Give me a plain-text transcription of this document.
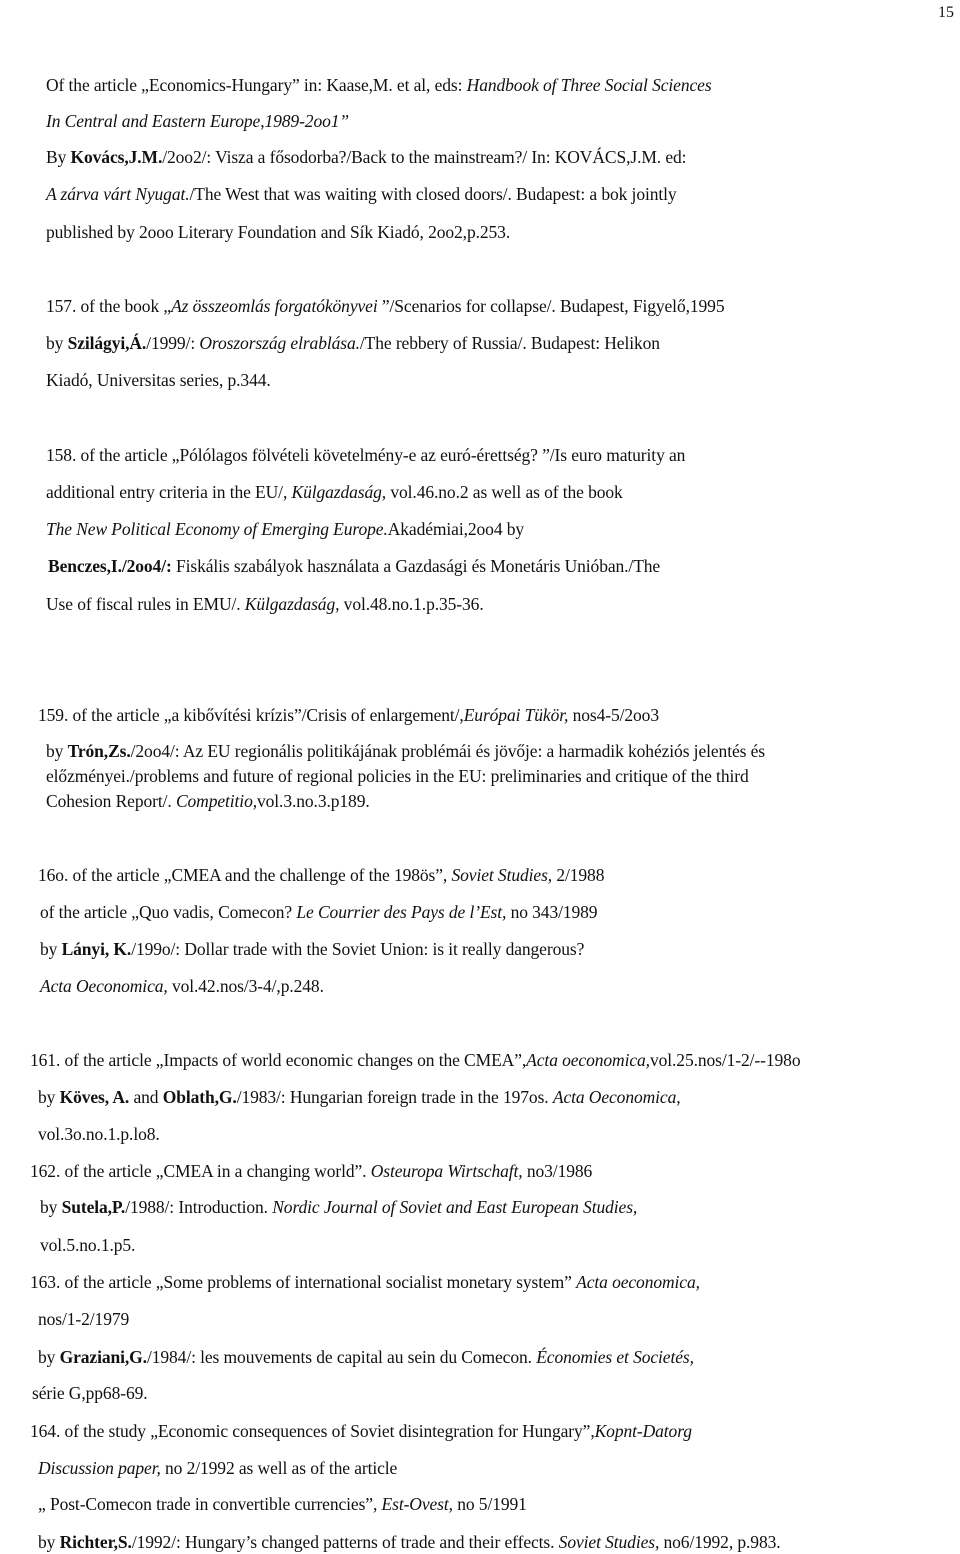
15
Of the article „Economics-Hungary” in: Kaase,M. et al, eds: Handbook of Three Social Sciences
In Central and Eastern Europe,1989-2oo1”
By Kovács,J.M./2oo2/: Visza a fősodorba?/Back to the mainstream?/ In: KOVÁCS,J.M. ed:
A zárva várt Nyugat./The West that was waiting with closed doors/. Budapest: a bok jointly
published by 2ooo Literary Foundation and Sík Kiadó, 2oo2,p.253.
157. of the book „Az összeomlás forgatókönyvei ”/Scenarios for collapse/. Budapest, Figyelő,1995
by Szilágyi,Á./1999/: Oroszország elrablása./The rebbery of Russia/. Budapest: Helikon
Kiadó, Universitas series, p.344.
158. of the article „Pólólagos fölvételi követelmény-e az euró-érettség? ”/Is euro maturity an
additional entry criteria in the EU/, Külgazdaság, vol.46.no.2 as well as of the book
The New Political Economy of Emerging Europe.Akadémiai,2oo4 by
Benczes,I./2oo4/: Fiskális szabályok használata a Gazdasági és Monetáris Unióban./The
Use of fiscal rules in EMU/. Külgazdaság, vol.48.no.1.p.35-36.
159. of the article „a kibővítési krízis”/Crisis of enlargement/,Európai Tükör, nos4-5/2oo3
by Trón,Zs./2oo4/: Az EU regionális politikájának problémái és jövője: a harmadik kohéziós jelentés és
előzményei./problems and future of regional policies in the EU: preliminaries and critique of the third
Cohesion Report/. Competitio,vol.3.no.3.p189.
16o. of the article „CMEA and the challenge of the 198ös”, Soviet Studies, 2/1988
of the article „Quo vadis, Comecon? Le Courrier des Pays de l’Est, no 343/1989
by Lányi, K./199o/: Dollar trade with the Soviet Union: is it really dangerous?
Acta Oeconomica, vol.42.nos/3-4/,p.248.
161. of the article „Impacts of world economic changes on the CMEA”,Acta oeconomica,vol.25.nos/1-2/--198o
by Köves, A. and Oblath,G./1983/: Hungarian foreign trade in the 197os. Acta Oeconomica,
vol.3o.no.1.p.lo8.
162. of the article „CMEA in a changing world”. Osteuropa Wirtschaft, no3/1986
by Sutela,P./1988/: Introduction. Nordic Journal of Soviet and East European Studies,
vol.5.no.1.p5.
163. of the article „Some problems of international socialist monetary system” Acta oeconomica,
nos/1-2/1979
by Graziani,G./1984/: les mouvements de capital au sein du Comecon. Économies et Societés,
série G,pp68-69.
164. of the study „Economic consequences of Soviet disintegration for Hungary”,Kopnt-Datorg
Discussion paper, no 2/1992 as well as of the article
„ Post-Comecon trade in convertible currencies”, Est-Ovest, no 5/1991
by Richter,S./1992/: Hungary’s changed patterns of trade and their effects. Soviet Studies, no6/1992, p.983.
